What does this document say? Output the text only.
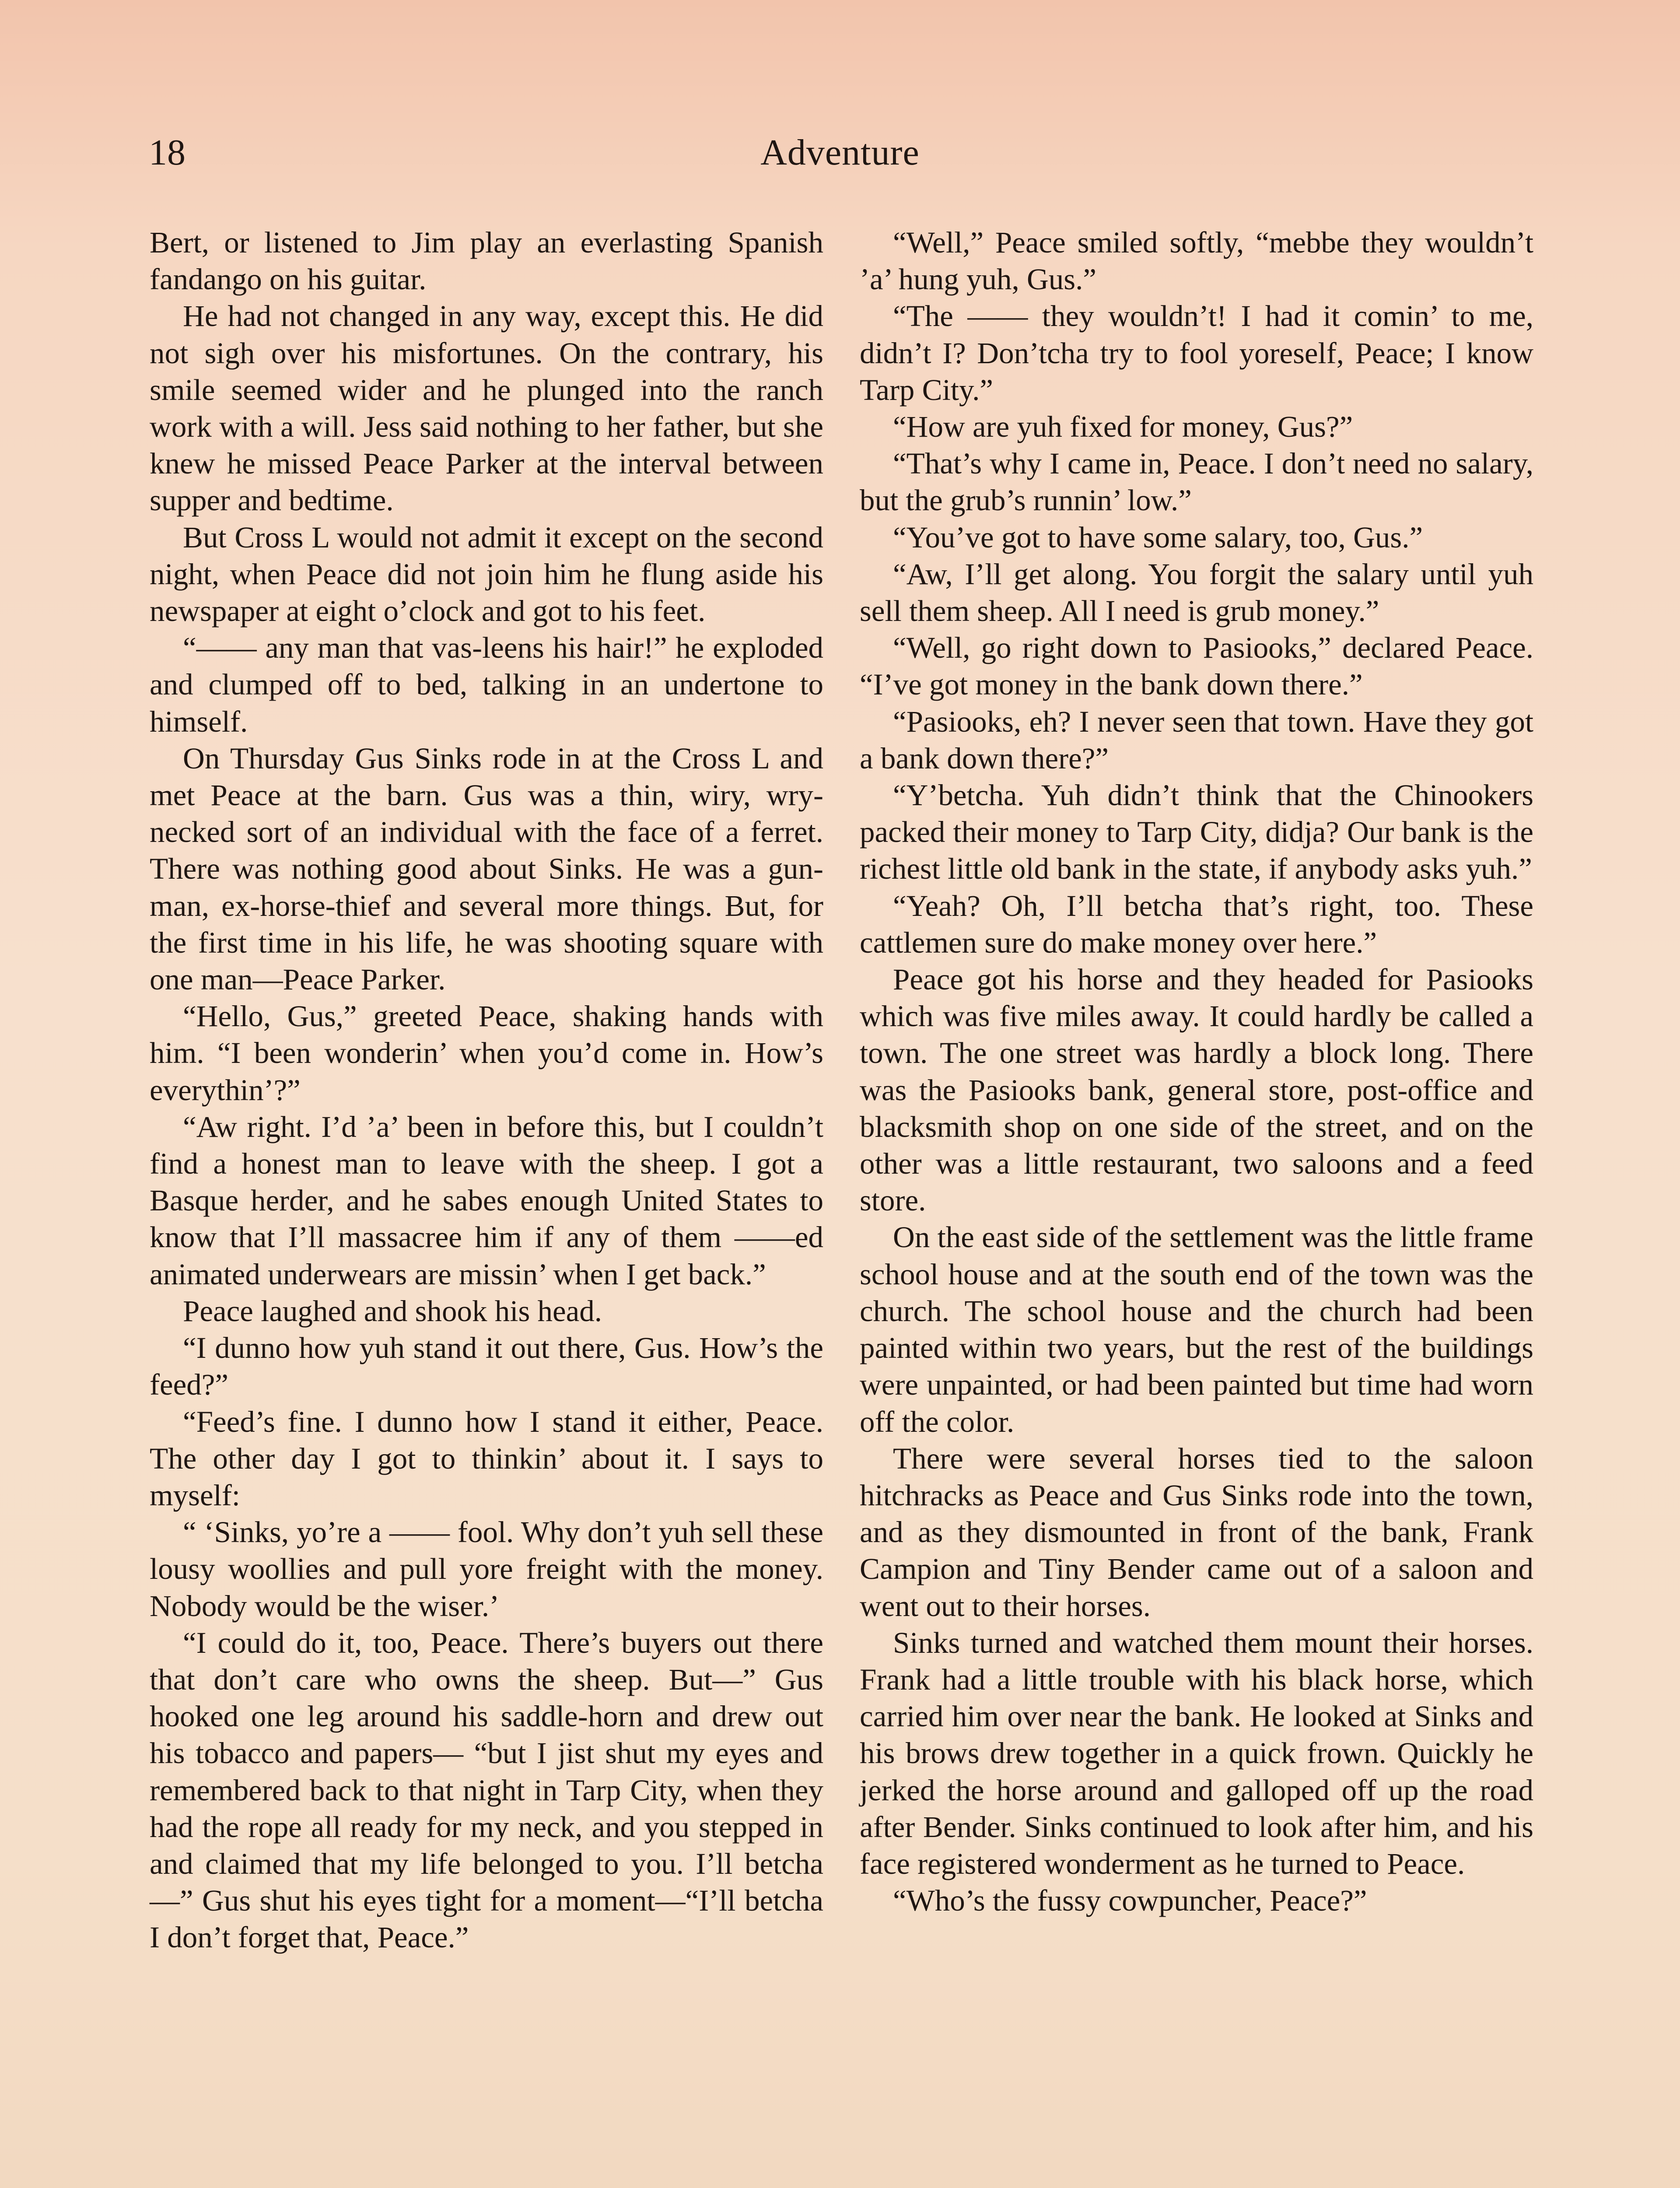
18	Adventure

Bert, or listened to Jim play an everlasting Spanish fandango on his guitar.

He had not changed in any way, except this. He did not sigh over his misfortunes. On the contrary, his smile seemed wider and he plunged into the ranch work with a will. Jess said nothing to her father, but she knew he missed Peace Parker at the interval between supper and bedtime.

But Cross L would not admit it except on the second night, when Peace did not join him he flung aside his newspaper at eight o’clock and got to his feet.

“—— any man that vas-leens his hair!” he exploded and clumped off to bed, talking in an undertone to himself.

On Thursday Gus Sinks rode in at the Cross L and met Peace at the barn. Gus was a thin, wiry, wry-necked sort of an individual with the face of a ferret. There was nothing good about Sinks. He was a gun-man, ex-horse-thief and several more things. But, for the first time in his life, he was shooting square with one man—Peace Parker.

“Hello, Gus,” greeted Peace, shaking hands with him. “I been wonderin’ when you’d come in. How’s everythin’?”

“Aw right. I’d ’a’ been in before this, but I couldn’t find a honest man to leave with the sheep. I got a Basque herder, and he sabes enough United States to know that I’ll massacree him if any of them ——ed animated underwears are missin’ when I get back.”

Peace laughed and shook his head.

“I dunno how yuh stand it out there, Gus. How’s the feed?”

“Feed’s fine. I dunno how I stand it either, Peace. The other day I got to thinkin’ about it. I says to myself:

“ ‘Sinks, yo’re a —— fool. Why don’t yuh sell these lousy woollies and pull yore freight with the money. Nobody would be the wiser.’

“I could do it, too, Peace. There’s buyers out there that don’t care who owns the sheep. But—” Gus hooked one leg around his saddle-horn and drew out his tobacco and papers— “but I jist shut my eyes and remembered back to that night in Tarp City, when they had the rope all ready for my neck, and you stepped in and claimed that my life belonged to you. I’ll betcha—” Gus shut his eyes tight for a moment—“I’ll betcha I don’t forget that, Peace.”

“Well,” Peace smiled softly, “mebbe they wouldn’t ’a’ hung yuh, Gus.”

“The —— they wouldn’t! I had it comin’ to me, didn’t I? Don’tcha try to fool yoreself, Peace; I know Tarp City.”

“How are yuh fixed for money, Gus?”

“That’s why I came in, Peace. I don’t need no salary, but the grub’s runnin’ low.”

“You’ve got to have some salary, too, Gus.”

“Aw, I’ll get along. You forgit the salary until yuh sell them sheep. All I need is grub money.”

“Well, go right down to Pasiooks,” declared Peace. “I’ve got money in the bank down there.”

“Pasiooks, eh? I never seen that town. Have they got a bank down there?”

“Y’betcha. Yuh didn’t think that the Chinookers packed their money to Tarp City, didja? Our bank is the richest little old bank in the state, if anybody asks yuh.”

“Yeah? Oh, I’ll betcha that’s right, too. These cattlemen sure do make money over here.”

Peace got his horse and they headed for Pasiooks which was five miles away. It could hardly be called a town. The one street was hardly a block long. There was the Pasiooks bank, general store, post-office and blacksmith shop on one side of the street, and on the other was a little restaurant, two saloons and a feed store.

On the east side of the settlement was the little frame school house and at the south end of the town was the church. The school house and the church had been painted within two years, but the rest of the buildings were unpainted, or had been painted but time had worn off the color.

There were several horses tied to the saloon hitchracks as Peace and Gus Sinks rode into the town, and as they dismounted in front of the bank, Frank Campion and Tiny Bender came out of a saloon and went out to their horses.

Sinks turned and watched them mount their horses. Frank had a little trouble with his black horse, which carried him over near the bank. He looked at Sinks and his brows drew together in a quick frown. Quickly he jerked the horse around and galloped off up the road after Bender. Sinks continued to look after him, and his face registered wonderment as he turned to Peace.

“Who’s the fussy cowpuncher, Peace?”
